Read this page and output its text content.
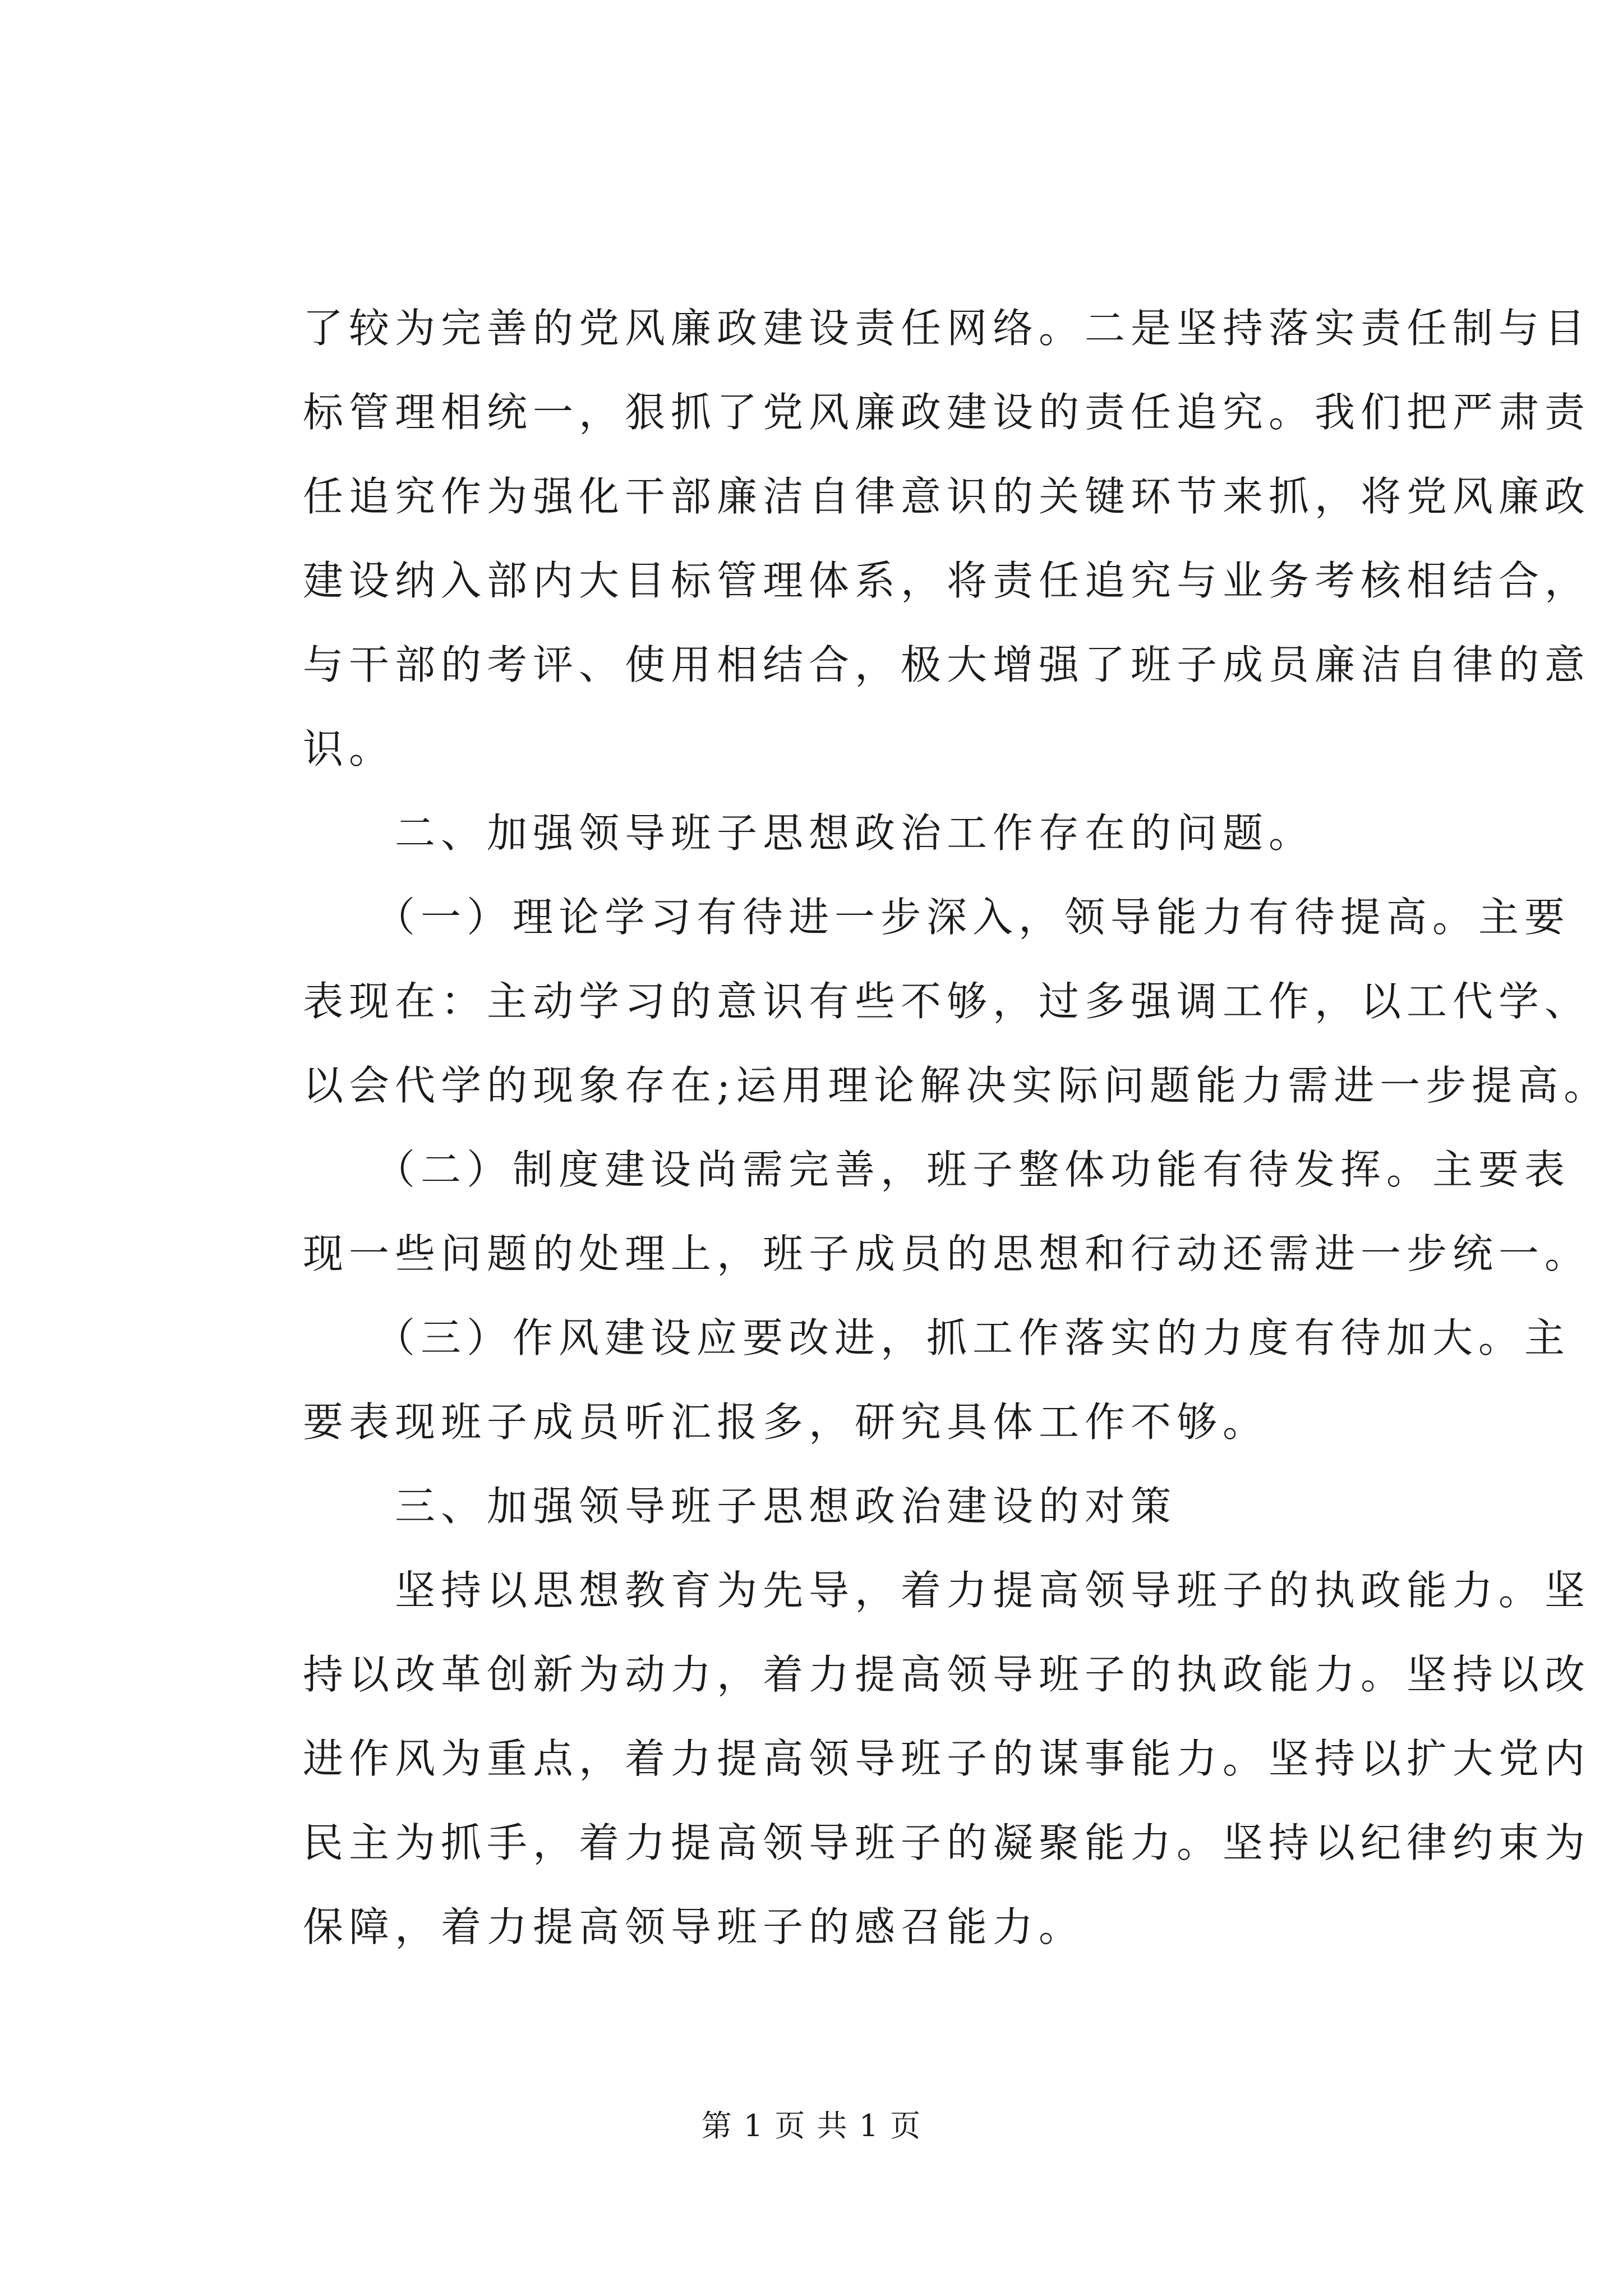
了较为完善的党风廉政建设责任网络。二是坚持落实责任制与目
标管理相统一，狠抓了党风廉政建设的责任追究。我们把严肃责
任追究作为强化干部廉洁自律意识的关键环节来抓，将党风廉政
建设纳入部内大目标管理体系，将责任追究与业务考核相结合，
与干部的考评、使用相结合，极大增强了班子成员廉洁自律的意
识。
　　二、加强领导班子思想政治工作存在的问题。
　　（一）理论学习有待进一步深入，领导能力有待提高。主要
表现在：主动学习的意识有些不够，过多强调工作，以工代学、
以会代学的现象存在;运用理论解决实际问题能力需进一步提高。
　　（二）制度建设尚需完善，班子整体功能有待发挥。主要表
现一些问题的处理上，班子成员的思想和行动还需进一步统一。
　　（三）作风建设应要改进，抓工作落实的力度有待加大。主
要表现班子成员听汇报多，研究具体工作不够。
　　三、加强领导班子思想政治建设的对策
　　坚持以思想教育为先导，着力提高领导班子的执政能力。坚
持以改革创新为动力，着力提高领导班子的执政能力。坚持以改
进作风为重点，着力提高领导班子的谋事能力。坚持以扩大党内
民主为抓手，着力提高领导班子的凝聚能力。坚持以纪律约束为
保障，着力提高领导班子的感召能力。
第 1 页 共 1 页
